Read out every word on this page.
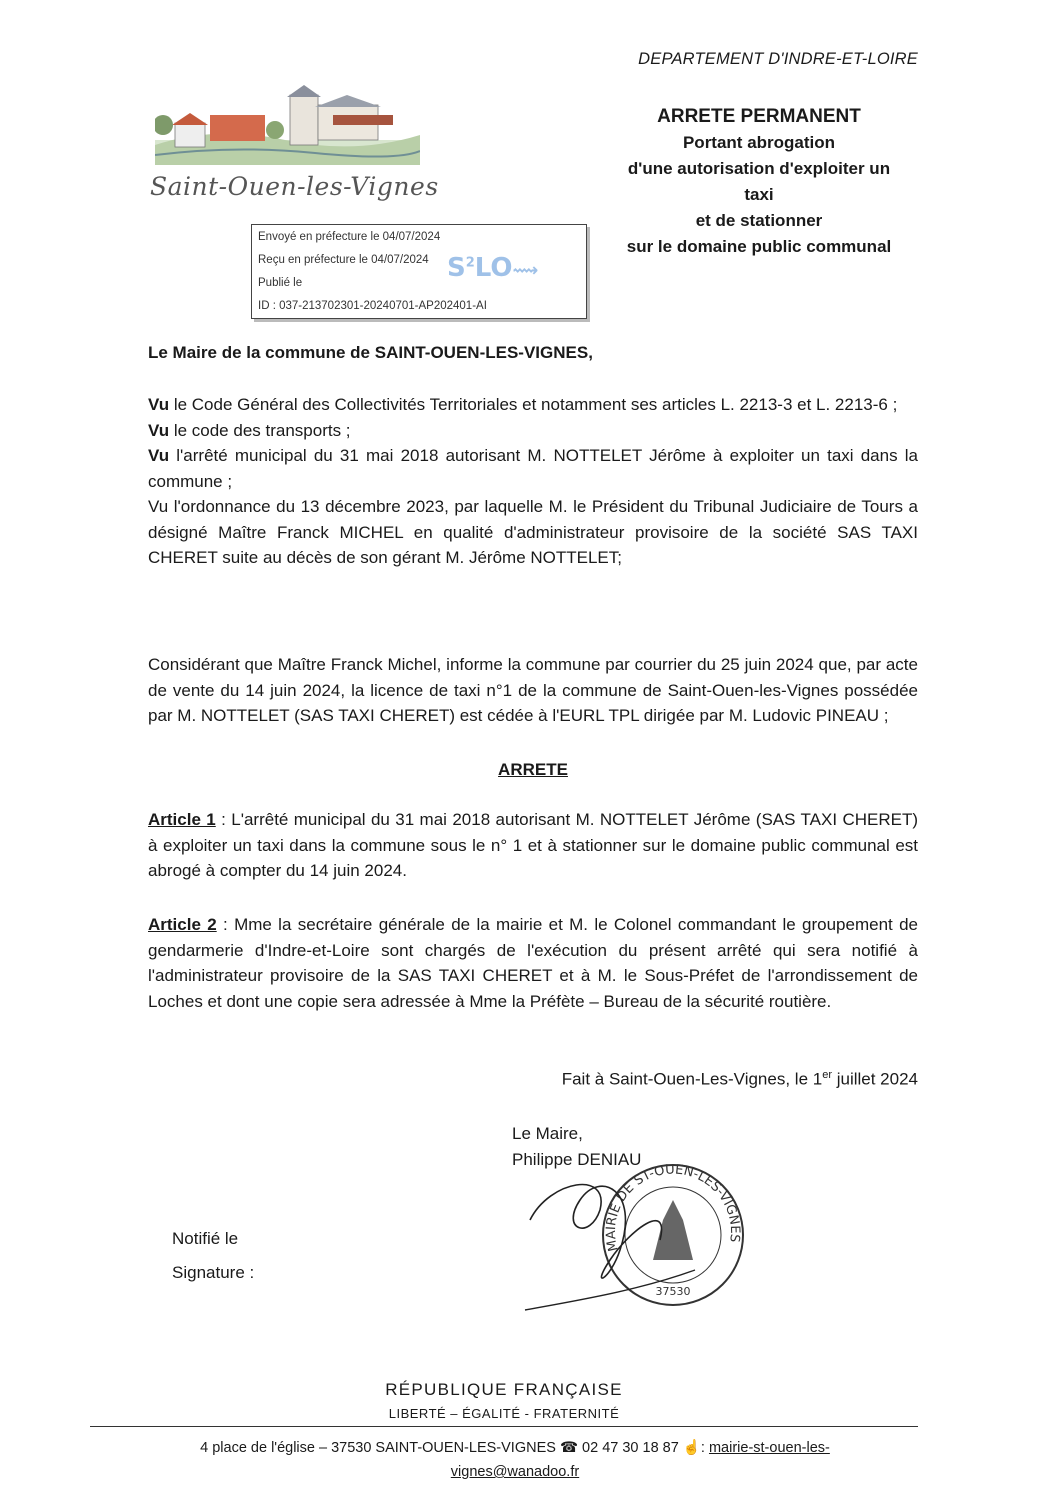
DEPARTEMENT D'INDRE-ET-LOIRE
ARRETE PERMANENT
Portant abrogation
d'une autorisation d'exploiter un
taxi
et de stationner
sur le domaine public communal
Saint-Ouen-les-Vignes
Envoyé en préfecture le 04/07/2024
Reçu en préfecture le 04/07/2024
Publié le
ID : 037-213702301-20240701-AP202401-AI
$S^2LO⟿$
Le Maire de la commune de SAINT-OUEN-LES-VIGNES,
Vu le Code Général des Collectivités Territoriales et notamment ses articles L. 2213-3 et L. 2213-6 ;
Vu le code des transports ;
Vu l'arrêté municipal du 31 mai 2018 autorisant M. NOTTELET Jérôme à exploiter un taxi dans la commune ;
Vu l'ordonnance du 13 décembre 2023, par laquelle M. le Président du Tribunal Judiciaire de Tours a désigné Maître Franck MICHEL en qualité d'administrateur provisoire de la société SAS TAXI CHERET suite au décès de son gérant M. Jérôme NOTTELET;
Considérant que Maître Franck Michel, informe la commune par courrier du 25 juin 2024 que, par acte de vente du 14 juin 2024, la licence de taxi n°1 de la commune de Saint-Ouen-les-Vignes possédée par M. NOTTELET (SAS TAXI CHERET) est cédée à l'EURL TPL dirigée par M. Ludovic PINEAU ;
ARRETE
Article 1 : L'arrêté municipal du 31 mai 2018 autorisant M. NOTTELET Jérôme (SAS TAXI CHERET) à exploiter un taxi dans la commune sous le n° 1 et à stationner sur le domaine public communal est abrogé à compter du 14 juin 2024.
Article 2 : Mme la secrétaire générale de la mairie et M. le Colonel commandant le groupement de gendarmerie d'Indre-et-Loire sont chargés de l'exécution du présent arrêté qui sera notifié à l'administrateur provisoire de la SAS TAXI CHERET et à M. le Sous-Préfet de l'arrondissement de Loches et dont une copie sera adressée à Mme la Préfète – Bureau de la sécurité routière.
Fait à Saint-Ouen-Les-Vignes, le 1er juillet 2024
Le Maire,
Philippe DENIAU
MAIRIE DE ST-OUEN-LES-VIGNES
37530
Notifié le
Signature :
RÉPUBLIQUE FRANÇAISE
LIBERTÉ – ÉGALITÉ - FRATERNITÉ
4 place de l'église – 37530 SAINT-OUEN-LES-VIGNES ☎ 02 47 30 18 87 ☝: mairie-st-ouen-les-
vignes@wanadoo.fr
